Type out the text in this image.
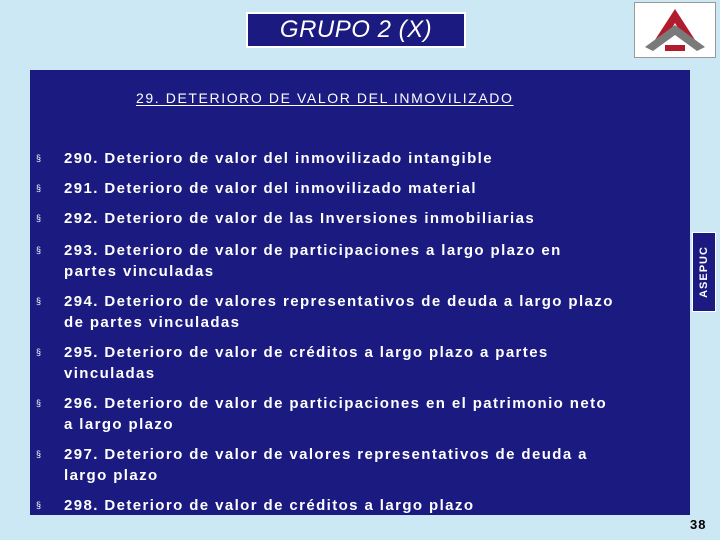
GRUPO 2 (X)
29. DETERIORO DE VALOR DEL INMOVILIZADO
ASEPUC
§ 290. Deterioro de valor del inmovilizado intangible
§ 291. Deterioro de valor del inmovilizado material
§ 292. Deterioro de valor de las Inversiones inmobiliarias
§ 293. Deterioro de valor de participaciones a largo plazo en
partes vinculadas
§ 294. Deterioro de valores representativos de deuda a largo plazo
de partes vinculadas
§ 295. Deterioro de valor de créditos a largo plazo a partes
vinculadas
§ 296. Deterioro de valor de participaciones en el patrimonio neto
a largo plazo
§ 297. Deterioro de valor de valores representativos de deuda a
largo plazo
§ 298. Deterioro de valor de créditos a largo plazo
38
